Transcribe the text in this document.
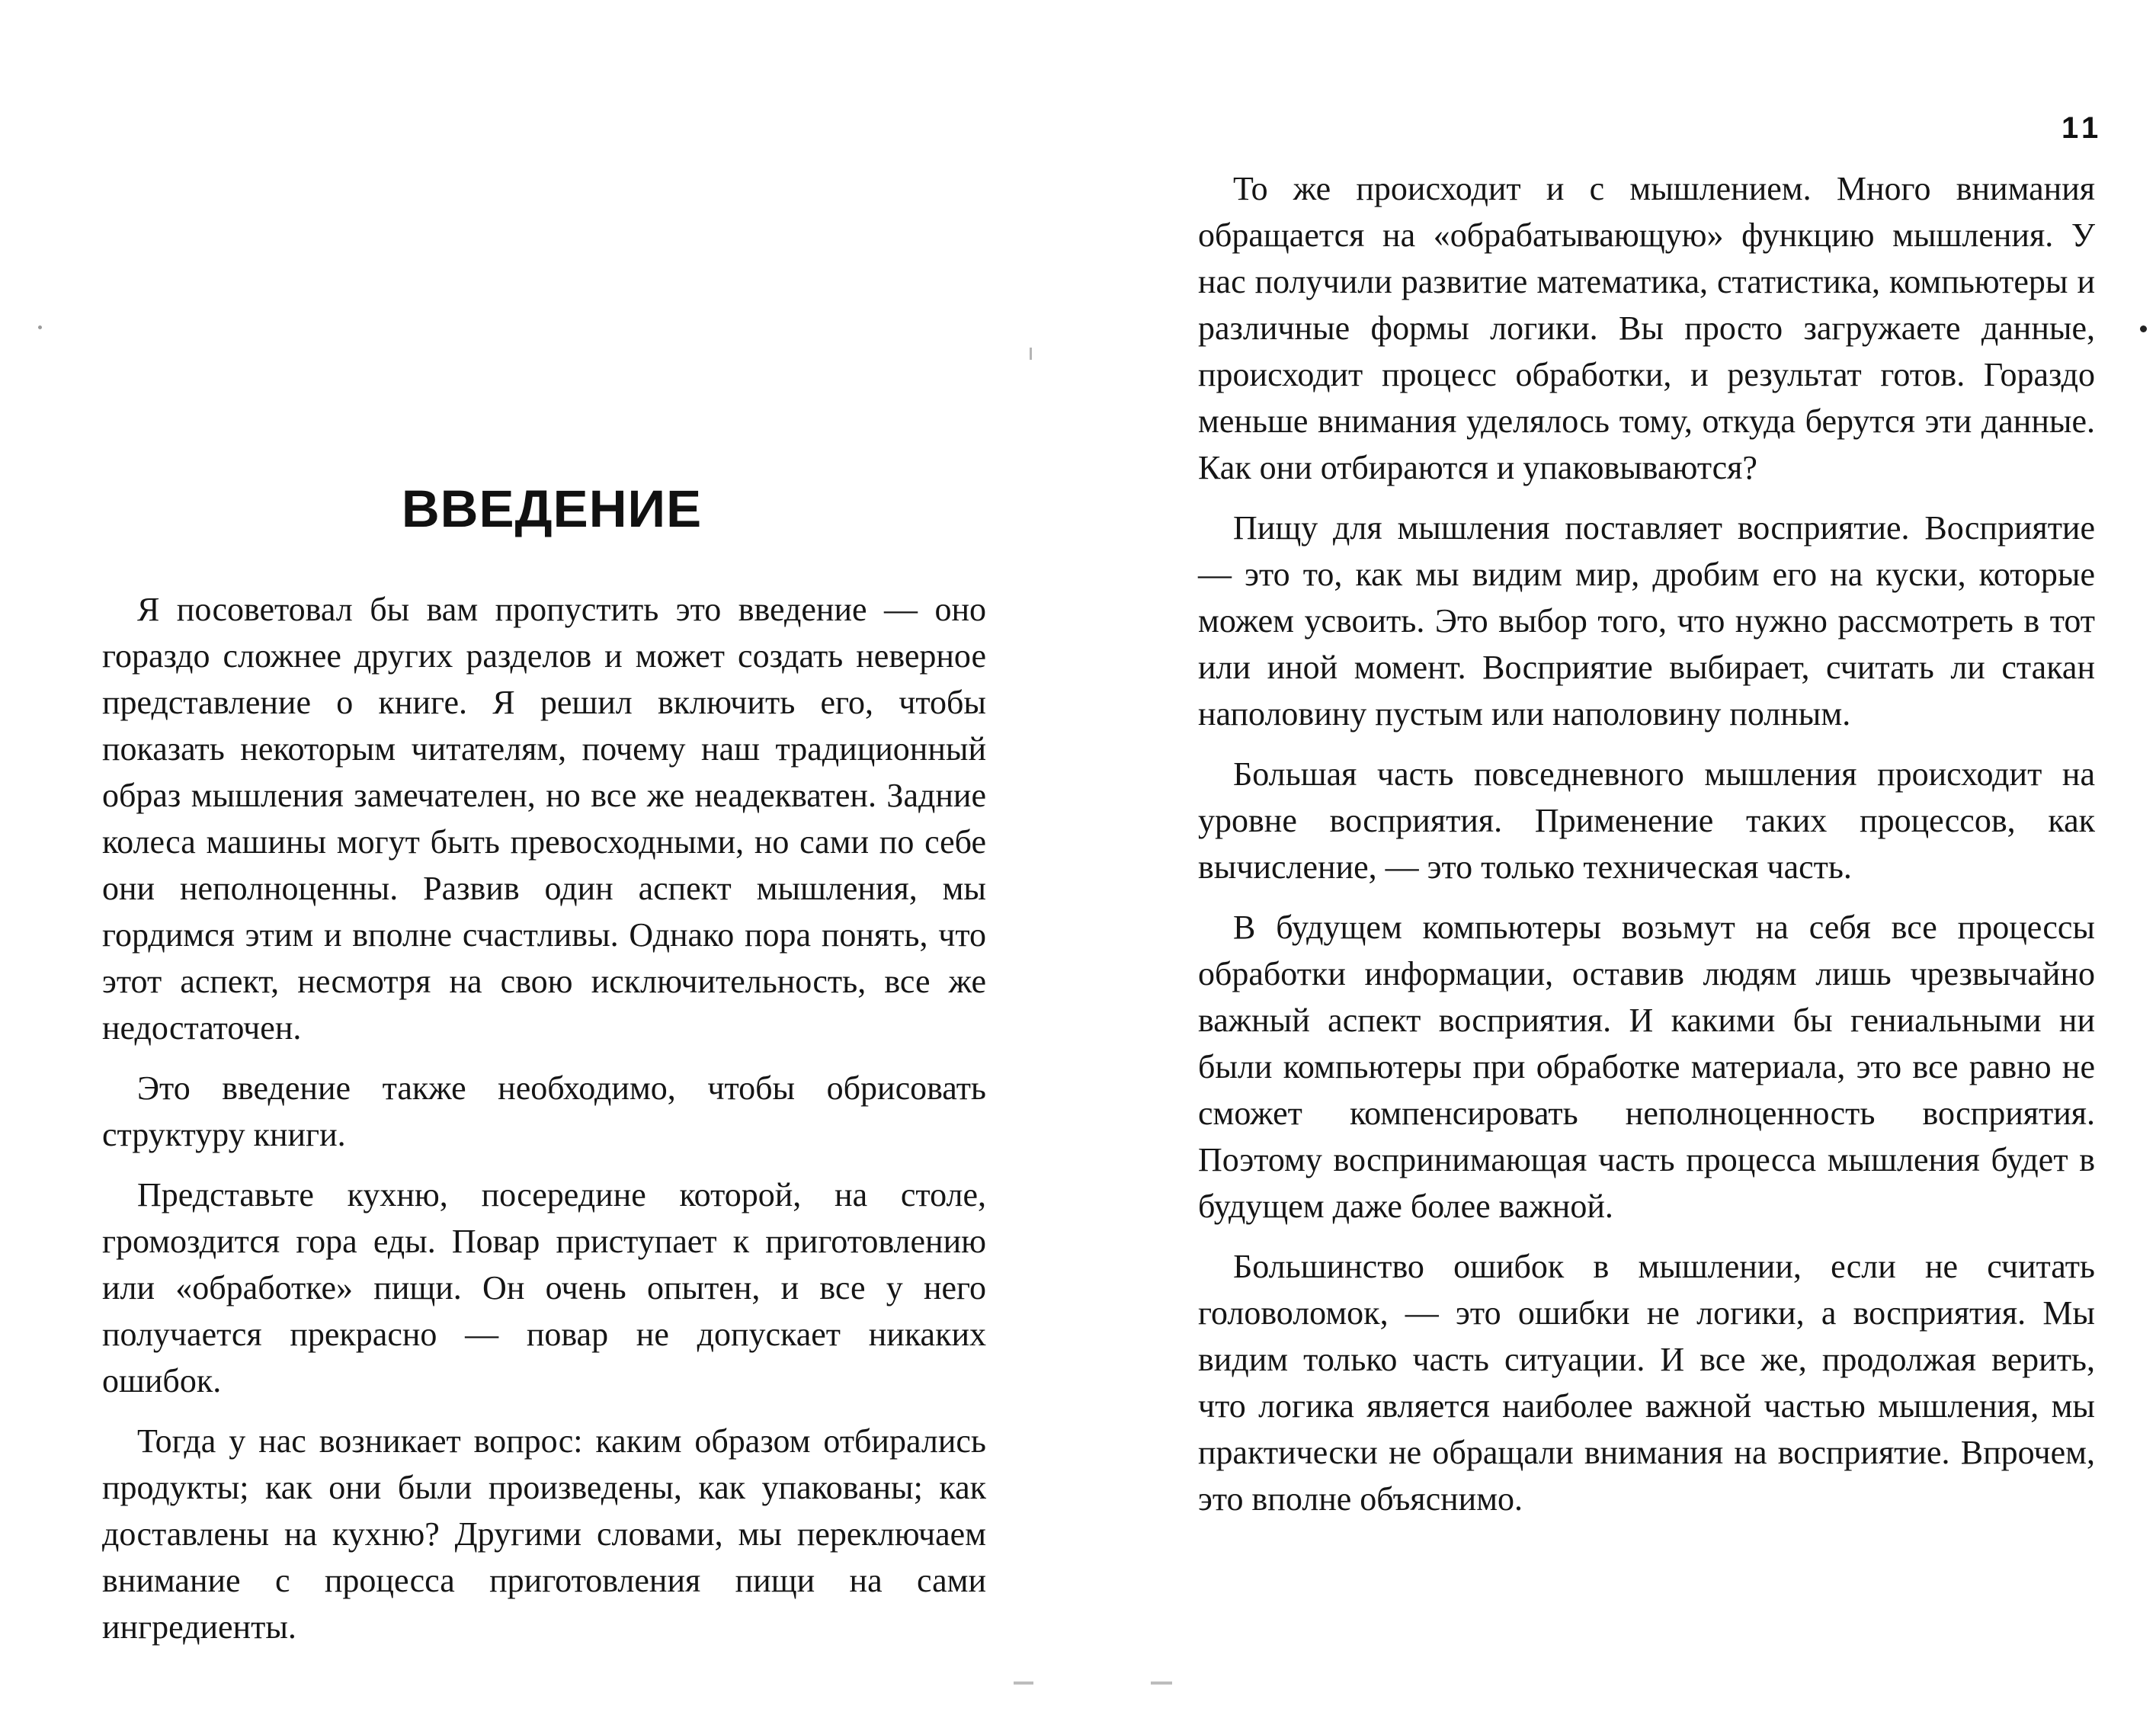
ВВЕДЕНИЕ

Я посоветовал бы вам пропустить это введение — оно гораздо сложнее других разделов и может создать неверное представление о книге. Я решил включить его, чтобы показать некоторым читателям, почему наш традиционный образ мышления замечателен, но все же неадекватен. Задние колеса машины могут быть превосходными, но сами по себе они неполноценны. Развив один аспект мышления, мы гордимся этим и вполне счастливы. Однако пора понять, что этот аспект, несмотря на свою исключительность, все же недостаточен.

Это введение также необходимо, чтобы обрисовать структуру книги.

Представьте кухню, посередине которой, на столе, громоздится гора еды. Повар приступает к приготовлению или «обработке» пищи. Он очень опытен, и все у него получается прекрасно — повар не допускает никаких ошибок.

Тогда у нас возникает вопрос: каким образом отбирались продукты; как они были произведены, как упакованы; как доставлены на кухню? Другими словами, мы переключаем внимание с процесса приготовления пищи на сами ингредиенты.

11

То же происходит и с мышлением. Много внимания обращается на «обрабатывающую» функцию мышления. У нас получили развитие математика, статистика, компьютеры и различные формы логики. Вы просто загружаете данные, происходит процесс обработки, и результат готов. Гораздо меньше внимания уделялось тому, откуда берутся эти данные. Как они отбираются и упаковываются?

Пищу для мышления поставляет восприятие. Восприятие — это то, как мы видим мир, дробим его на куски, которые можем усвоить. Это выбор того, что нужно рассмотреть в тот или иной момент. Восприятие выбирает, считать ли стакан наполовину пустым или наполовину полным.

Большая часть повседневного мышления происходит на уровне восприятия. Применение таких процессов, как вычисление, — это только техническая часть.

В будущем компьютеры возьмут на себя все процессы обработки информации, оставив людям лишь чрезвычайно важный аспект восприятия. И какими бы гениальными ни были компьютеры при обработке материала, это все равно не сможет компенсировать неполноценность восприятия. Поэтому воспринимающая часть процесса мышления будет в будущем даже более важной.

Большинство ошибок в мышлении, если не считать головоломок, — это ошибки не логики, а восприятия. Мы видим только часть ситуации. И все же, продолжая верить, что логика является наиболее важной частью мышления, мы практически не обращали внимания на восприятие. Впрочем, это вполне объяснимо.
